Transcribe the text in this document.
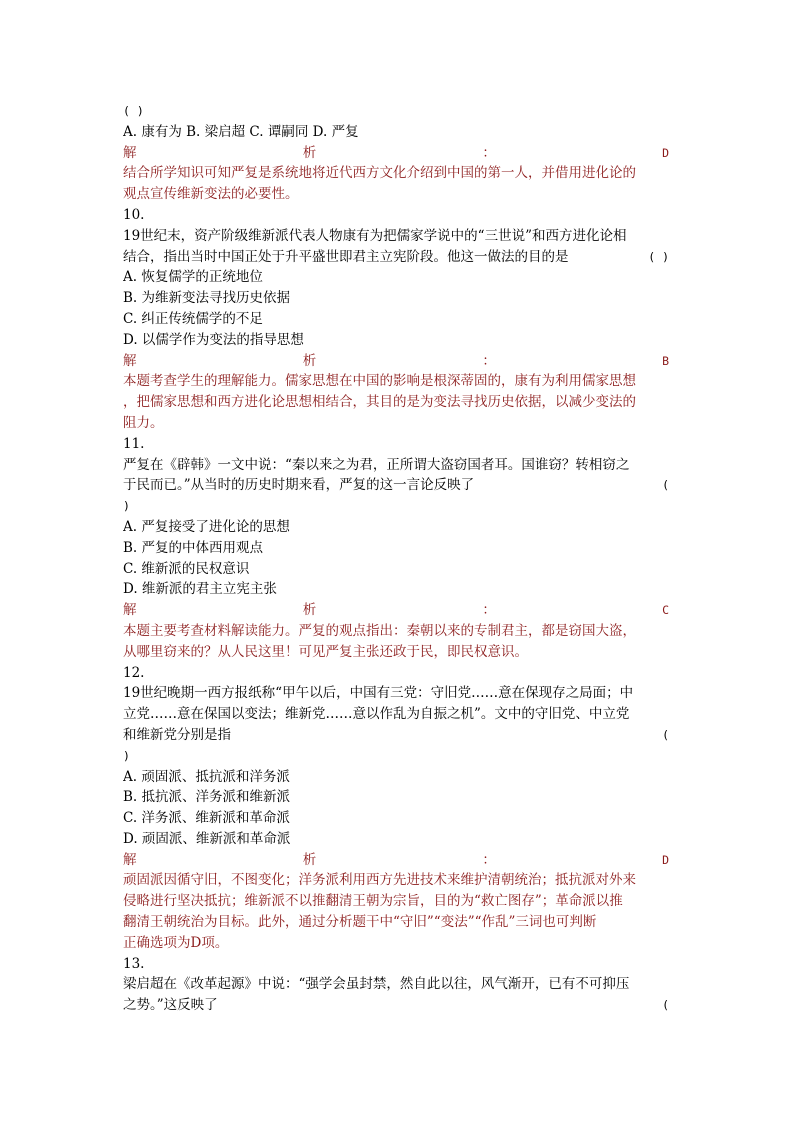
( )
A. 康有为 B. 梁启超 C. 谭嗣同 D. 严复
解	析	：	D
结合所学知识可知严复是系统地将近代西方文化介绍到中国的第一人，并借用进化论的
观点宣传维新变法的必要性。
10.
19世纪末，资产阶级维新派代表人物康有为把儒家学说中的“三世说”和西方进化论相
结合，指出当时中国正处于升平盛世即君主立宪阶段。他这一做法的目的是	( )
A. 恢复儒学的正统地位
B. 为维新变法寻找历史依据
C. 纠正传统儒学的不足
D. 以儒学作为变法的指导思想
解	析	：	B
本题考查学生的理解能力。儒家思想在中国的影响是根深蒂固的，康有为利用儒家思想
，把儒家思想和西方进化论思想相结合，其目的是为变法寻找历史依据，以减少变法的
阻力。
11.
严复在《辟韩》一文中说：“秦以来之为君，正所谓大盗窃国者耳。国谁窃？转相窃之
于民而已。”从当时的历史时期来看，严复的这一言论反映了	(
)
A. 严复接受了进化论的思想
B. 严复的中体西用观点
C. 维新派的民权意识
D. 维新派的君主立宪主张
解	析	：	C
本题主要考查材料解读能力。严复的观点指出：秦朝以来的专制君主，都是窃国大盗，
从哪里窃来的？从人民这里！可见严复主张还政于民，即民权意识。
12.
19世纪晚期一西方报纸称“甲午以后，中国有三党：守旧党……意在保现存之局面；中
立党……意在保国以变法；维新党……意以作乱为自振之机”。文中的守旧党、中立党
和维新党分别是指	(
)
A. 顽固派、抵抗派和洋务派
B. 抵抗派、洋务派和维新派
C. 洋务派、维新派和革命派
D. 顽固派、维新派和革命派
解	析	：	D
顽固派因循守旧，不图变化；洋务派利用西方先进技术来维护清朝统治；抵抗派对外来
侵略进行坚决抵抗；维新派不以推翻清王朝为宗旨，目的为“救亡图存”；革命派以推
翻清王朝统治为目标。此外，通过分析题干中“守旧”“变法”“作乱”三词也可判断
正确选项为D项。
13.
梁启超在《改革起源》中说：“强学会虽封禁，然自此以往，风气渐开，已有不可抑压
之势。”这反映了	(
